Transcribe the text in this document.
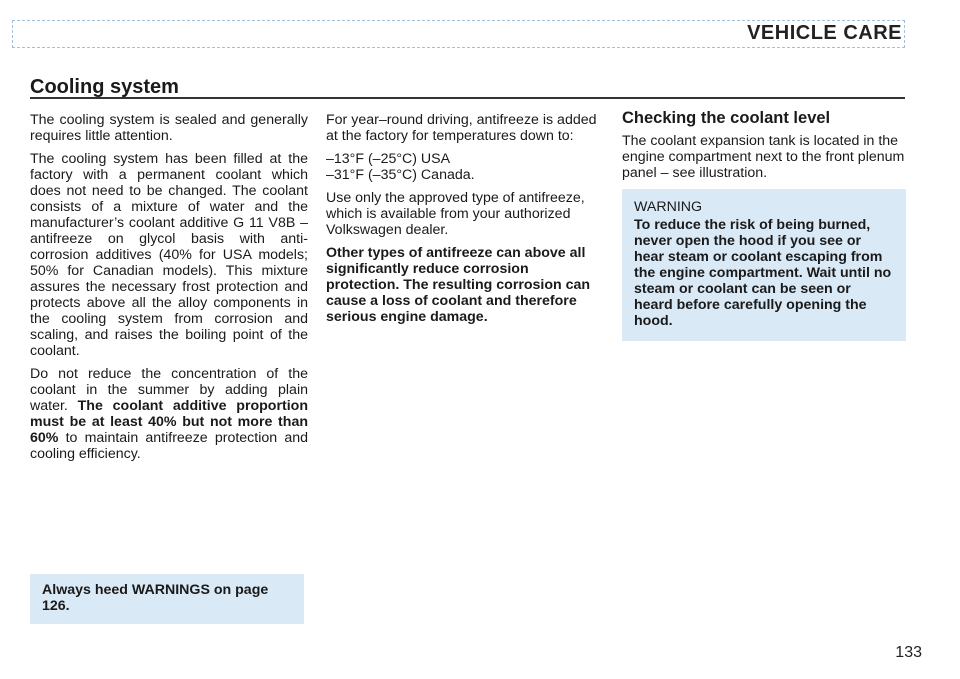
VEHICLE CARE
Cooling system

The cooling system is sealed and generally requires little attention.

The cooling system has been filled at the factory with a permanent coolant which does not need to be changed. The coolant consists of a mixture of water and the manufacturer’s coolant additive G 11 V8B – antifreeze on glycol basis with anti-corrosion additives (40% for USA models; 50% for Canadian models). This mixture assures the necessary frost protection and protects above all the alloy components in the cooling system from corrosion and scaling, and raises the boiling point of the coolant.

Do not reduce the concentration of the coolant in the summer by adding plain water. The coolant additive proportion must be at least 40% but not more than 60% to maintain antifreeze protection and cooling efficiency.

For year–round driving, antifreeze is added at the factory for temperatures down to:

–13°F (–25°C) USA
–31°F (–35°C) Canada.

Use only the approved type of antifreeze, which is available from your authorized Volkswagen dealer.

Other types of antifreeze can above all significantly reduce corrosion protection. The resulting corrosion can cause a loss of coolant and therefore serious engine damage.

Checking the coolant level

The coolant expansion tank is located in the engine compartment next to the front plenum panel – see illustration.

WARNING

To reduce the risk of being burned, never open the hood if you see or hear steam or coolant escaping from the engine compartment. Wait until no steam or coolant can be seen or heard before carefully opening the hood.

Always heed WARNINGS on page 126.
133
